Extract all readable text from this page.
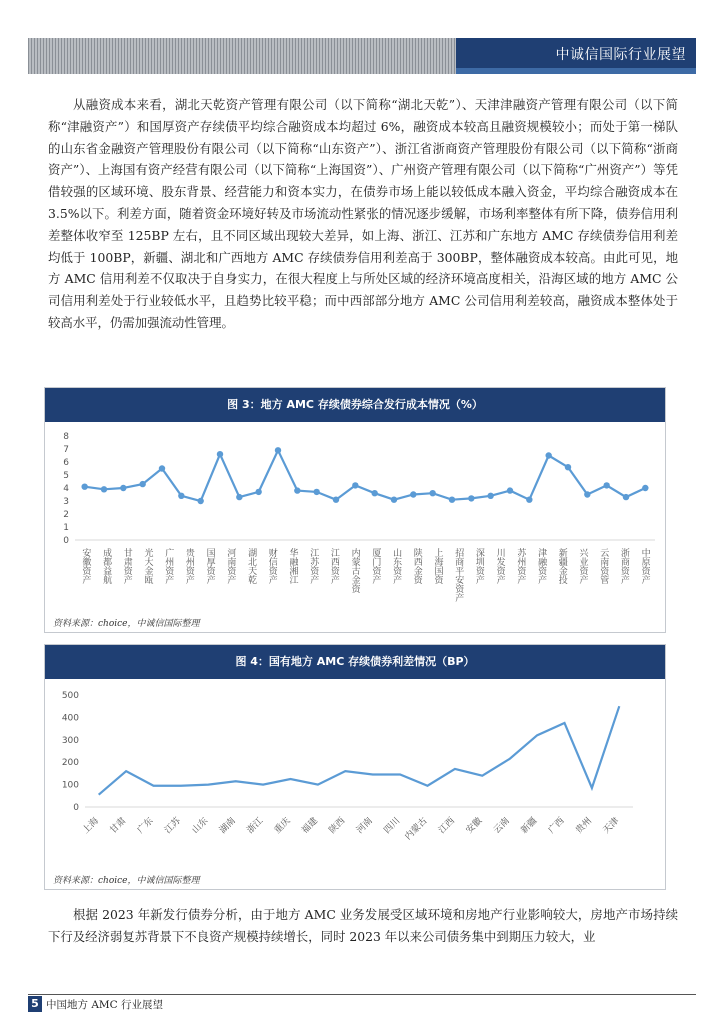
中诚信国际行业展望

从融资成本来看，湖北天乾资产管理有限公司（以下简称“湖北天乾”）、天津津融资产管理有限公司（以下简称“津融资产”）和国厚资产存续债平均综合融资成本均超过 6%，融资成本较高且融资规模较小；而处于第一梯队的山东省金融资产管理股份有限公司（以下简称“山东资产”）、浙江省浙商资产管理股份有限公司（以下简称“浙商资产”）、上海国有资产经营有限公司（以下简称“上海国资”）、广州资产管理有限公司（以下简称“广州资产”）等凭借较强的区域环境、股东背景、经营能力和资本实力，在债券市场上能以较低成本融入资金，平均综合融资成本在 3.5%以下。利差方面，随着资金环境好转及市场流动性紧张的情况逐步缓解，市场利率整体有所下降，债券信用利差整体收窄至 125BP 左右，且不同区域出现较大差异，如上海、浙江、江苏和广东地方 AMC 存续债券信用利差均低于 100BP，新疆、湖北和广西地方 AMC 存续债券信用利差高于 300BP，整体融资成本较高。由此可见，地方 AMC 信用利差不仅取决于自身实力，在很大程度上与所处区域的经济环境高度相关，沿海区域的地方 AMC 公司信用利差处于行业较低水平，且趋势比较平稳；而中西部部分地方 AMC 公司信用利差较高，融资成本整体处于较高水平，仍需加强流动性管理。

图 3：地方 AMC 存续债券综合发行成本情况（%）
0
1
2
3
4
5
6
7
8
安徽资产 成都益航 甘肃资产 光大金瓯 广州资产 贵州资产 国厚资产 河南资产 湖北天乾 财信资产 华融湘江 江苏资产 江西资产 内蒙古金资 厦门资产 山东资产 陕西金资 上海国资 招商平安资产 深圳资产 川发资产 苏州资产 津融资产 新疆金投 兴业资产 云南资管 浙商资产 中原资产
资料来源：choice，中诚信国际整理
图 4：国有地方 AMC 存续债券利差情况（BP）
0
100
200
300
400
500
上海 甘肃 广东 江苏 山东 湖南 浙江 重庆 福建 陕西 河南 四川 内蒙古 江西 安徽 云南 新疆 广西 贵州 天津
资料来源：choice，中诚信国际整理

根据 2023 年新发行债券分析，由于地方 AMC 业务发展受区域环境和房地产行业影响较大，房地产市场持续下行及经济弱复苏背景下不良资产规模持续增长，同时 2023 年以来公司债务集中到期压力较大，业

5 中国地方 AMC 行业展望
